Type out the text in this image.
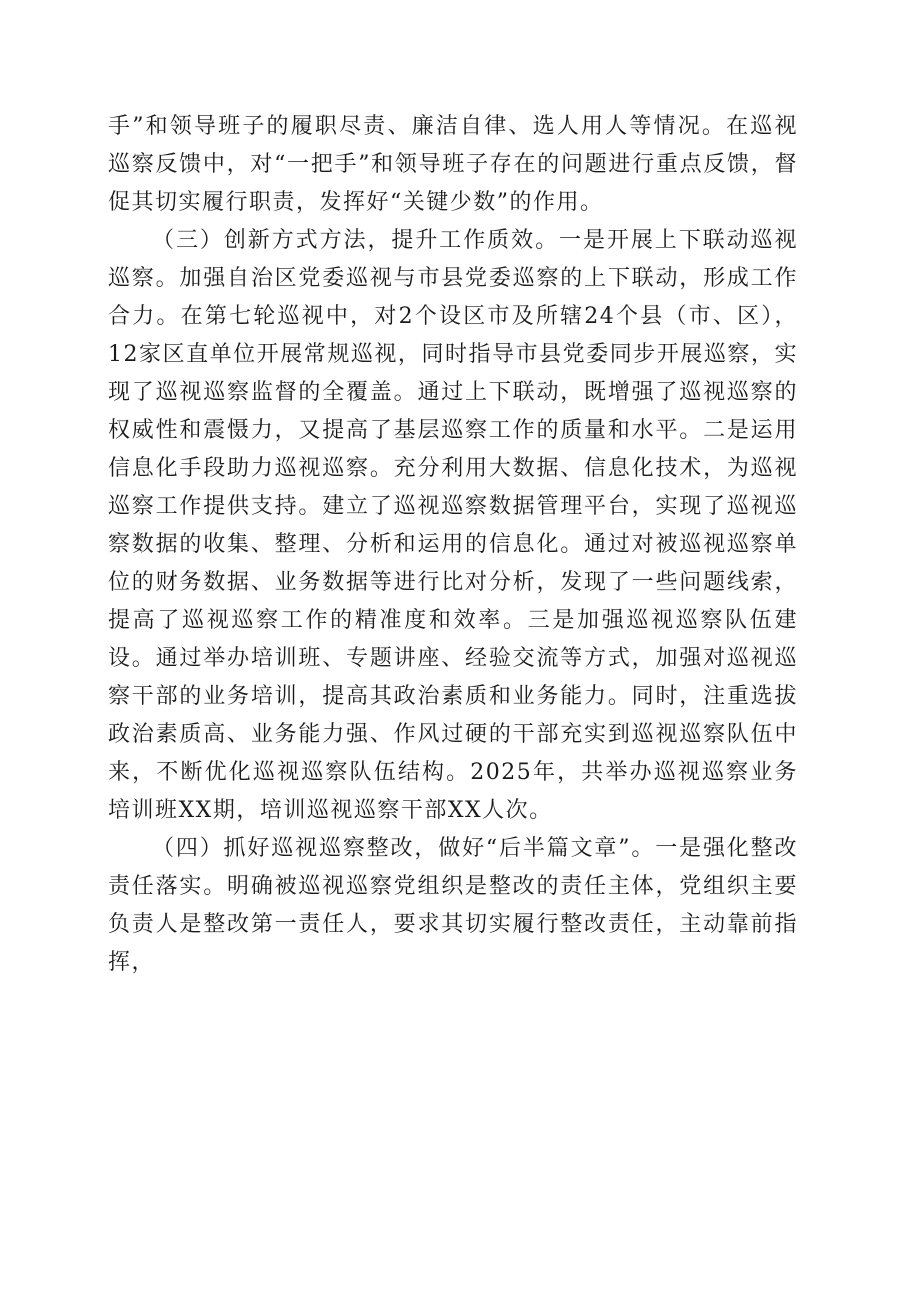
手”和领导班子的履职尽责、廉洁自律、选人用人等情况。在巡视巡察反馈中，对“一把手”和领导班子存在的问题进行重点反馈，督促其切实履行职责，发挥好“关键少数”的作用。

（三）创新方式方法，提升工作质效。一是开展上下联动巡视巡察。加强自治区党委巡视与市县党委巡察的上下联动，形成工作合力。在第七轮巡视中，对2个设区市及所辖24个县（市、区），12家区直单位开展常规巡视，同时指导市县党委同步开展巡察，实现了巡视巡察监督的全覆盖。通过上下联动，既增强了巡视巡察的权威性和震慑力，又提高了基层巡察工作的质量和水平。二是运用信息化手段助力巡视巡察。充分利用大数据、信息化技术，为巡视巡察工作提供支持。建立了巡视巡察数据管理平台，实现了巡视巡察数据的收集、整理、分析和运用的信息化。通过对被巡视巡察单位的财务数据、业务数据等进行比对分析，发现了一些问题线索，提高了巡视巡察工作的精准度和效率。三是加强巡视巡察队伍建设。通过举办培训班、专题讲座、经验交流等方式，加强对巡视巡察干部的业务培训，提高其政治素质和业务能力。同时，注重选拔政治素质高、业务能力强、作风过硬的干部充实到巡视巡察队伍中来，不断优化巡视巡察队伍结构。2025年，共举办巡视巡察业务培训班XX期，培训巡视巡察干部XX人次。

（四）抓好巡视巡察整改，做好“后半篇文章”。一是强化整改责任落实。明确被巡视巡察党组织是整改的责任主体，党组织主要负责人是整改第一责任人，要求其切实履行整改责任，主动靠前指挥，
